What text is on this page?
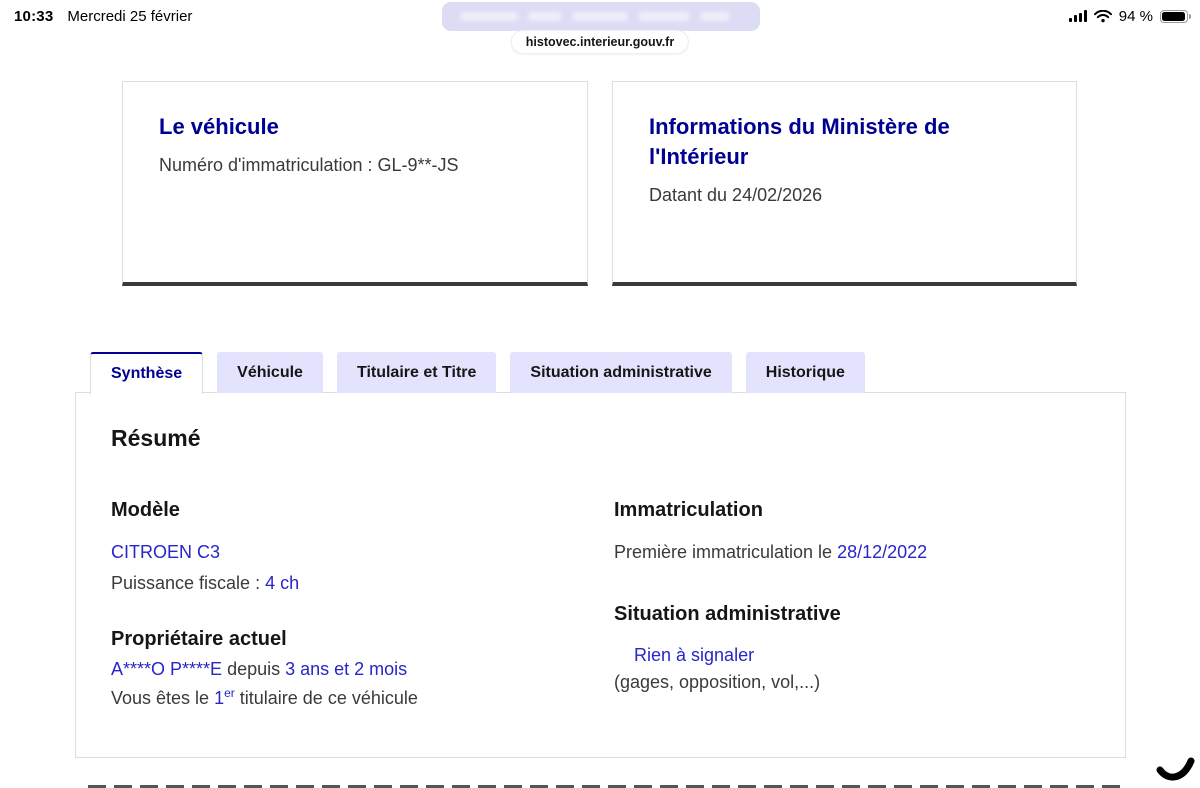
10:33 Mercredi 25 février	94 %
histovec.interieur.gouv.fr
Le véhicule

Numéro d'immatriculation : GL-9**-JS

Informations du Ministère de l'Intérieur

Datant du 24/02/2026

Synthèse	Véhicule	Titulaire et Titre	Situation administrative	Historique
Résumé
Modèle
CITROEN C3
Puissance fiscale : 4 ch
Propriétaire actuel
A****O P****E depuis 3 ans et 2 mois
Vous êtes le 1er titulaire de ce véhicule
Immatriculation
Première immatriculation le 28/12/2022
Situation administrative
Rien à signaler
(gages, opposition, vol,...)
